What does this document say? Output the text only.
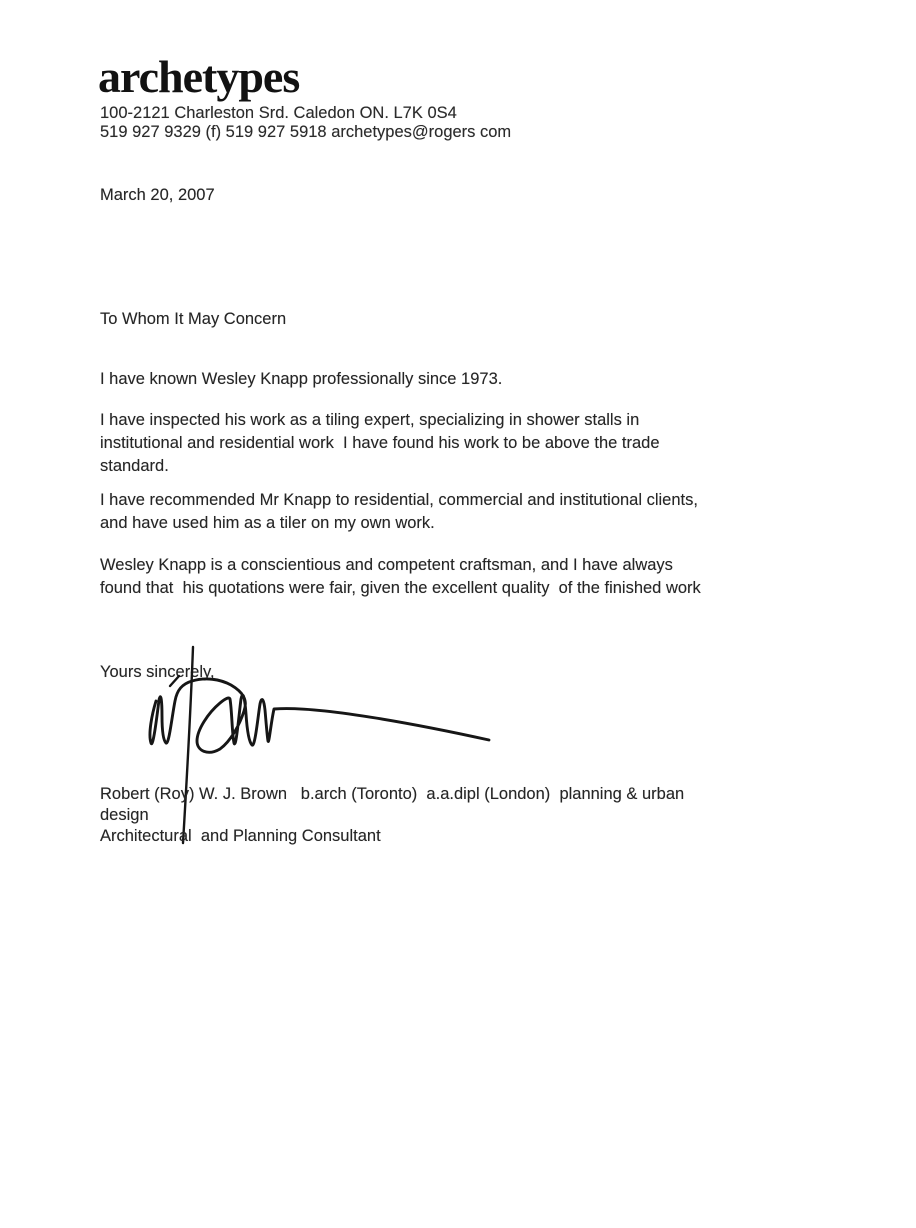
archetypes
100-2121 Charleston Srd. Caledon ON. L7K 0S4
519 927 9329 (f) 519 927 5918 archetypes@rogers com
March 20, 2007
To Whom It May Concern
I have known Wesley Knapp professionally since 1973.
I have inspected his work as a tiling expert, specializing in shower stalls in
institutional and residential work  I have found his work to be above the trade
standard.
I have recommended Mr Knapp to residential, commercial and institutional clients,
and have used him as a tiler on my own work.
Wesley Knapp is a conscientious and competent craftsman, and I have always
found that  his quotations were fair, given the excellent quality  of the finished work
Yours sincerely,
Robert (Roy) W. J. Brown   b.arch (Toronto)  a.a.dipl (London)  planning & urban
design
Architectural  and Planning Consultant
